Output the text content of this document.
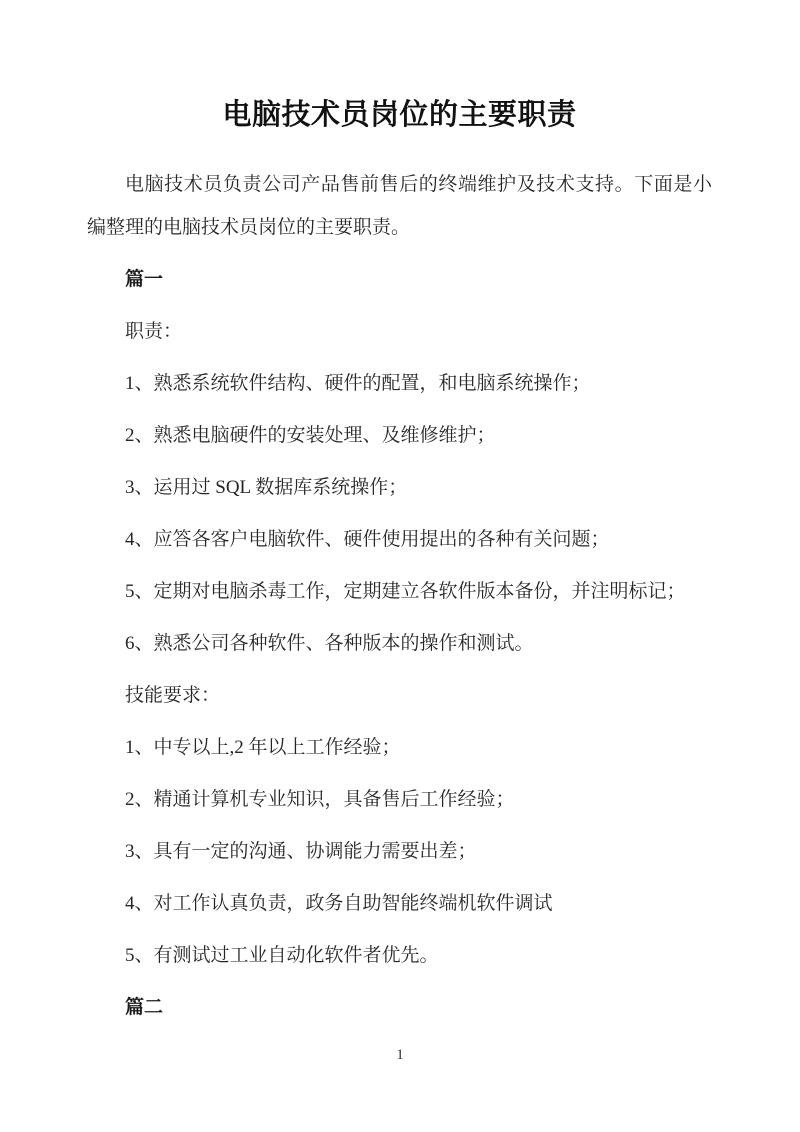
电脑技术员岗位的主要职责

电脑技术员负责公司产品售前售后的终端维护及技术支持。下面是小编整理的电脑技术员岗位的主要职责。

篇一

职责：

1、熟悉系统软件结构、硬件的配置，和电脑系统操作；

2、熟悉电脑硬件的安装处理、及维修维护；

3、运用过 SQL 数据库系统操作；

4、应答各客户电脑软件、硬件使用提出的各种有关问题；

5、定期对电脑杀毒工作，定期建立各软件版本备份，并注明标记；

6、熟悉公司各种软件、各种版本的操作和测试。

技能要求：

1、中专以上,2 年以上工作经验；

2、精通计算机专业知识，具备售后工作经验；

3、具有一定的沟通、协调能力需要出差；

4、对工作认真负责，政务自助智能终端机软件调试

5、有测试过工业自动化软件者优先。

篇二

1
